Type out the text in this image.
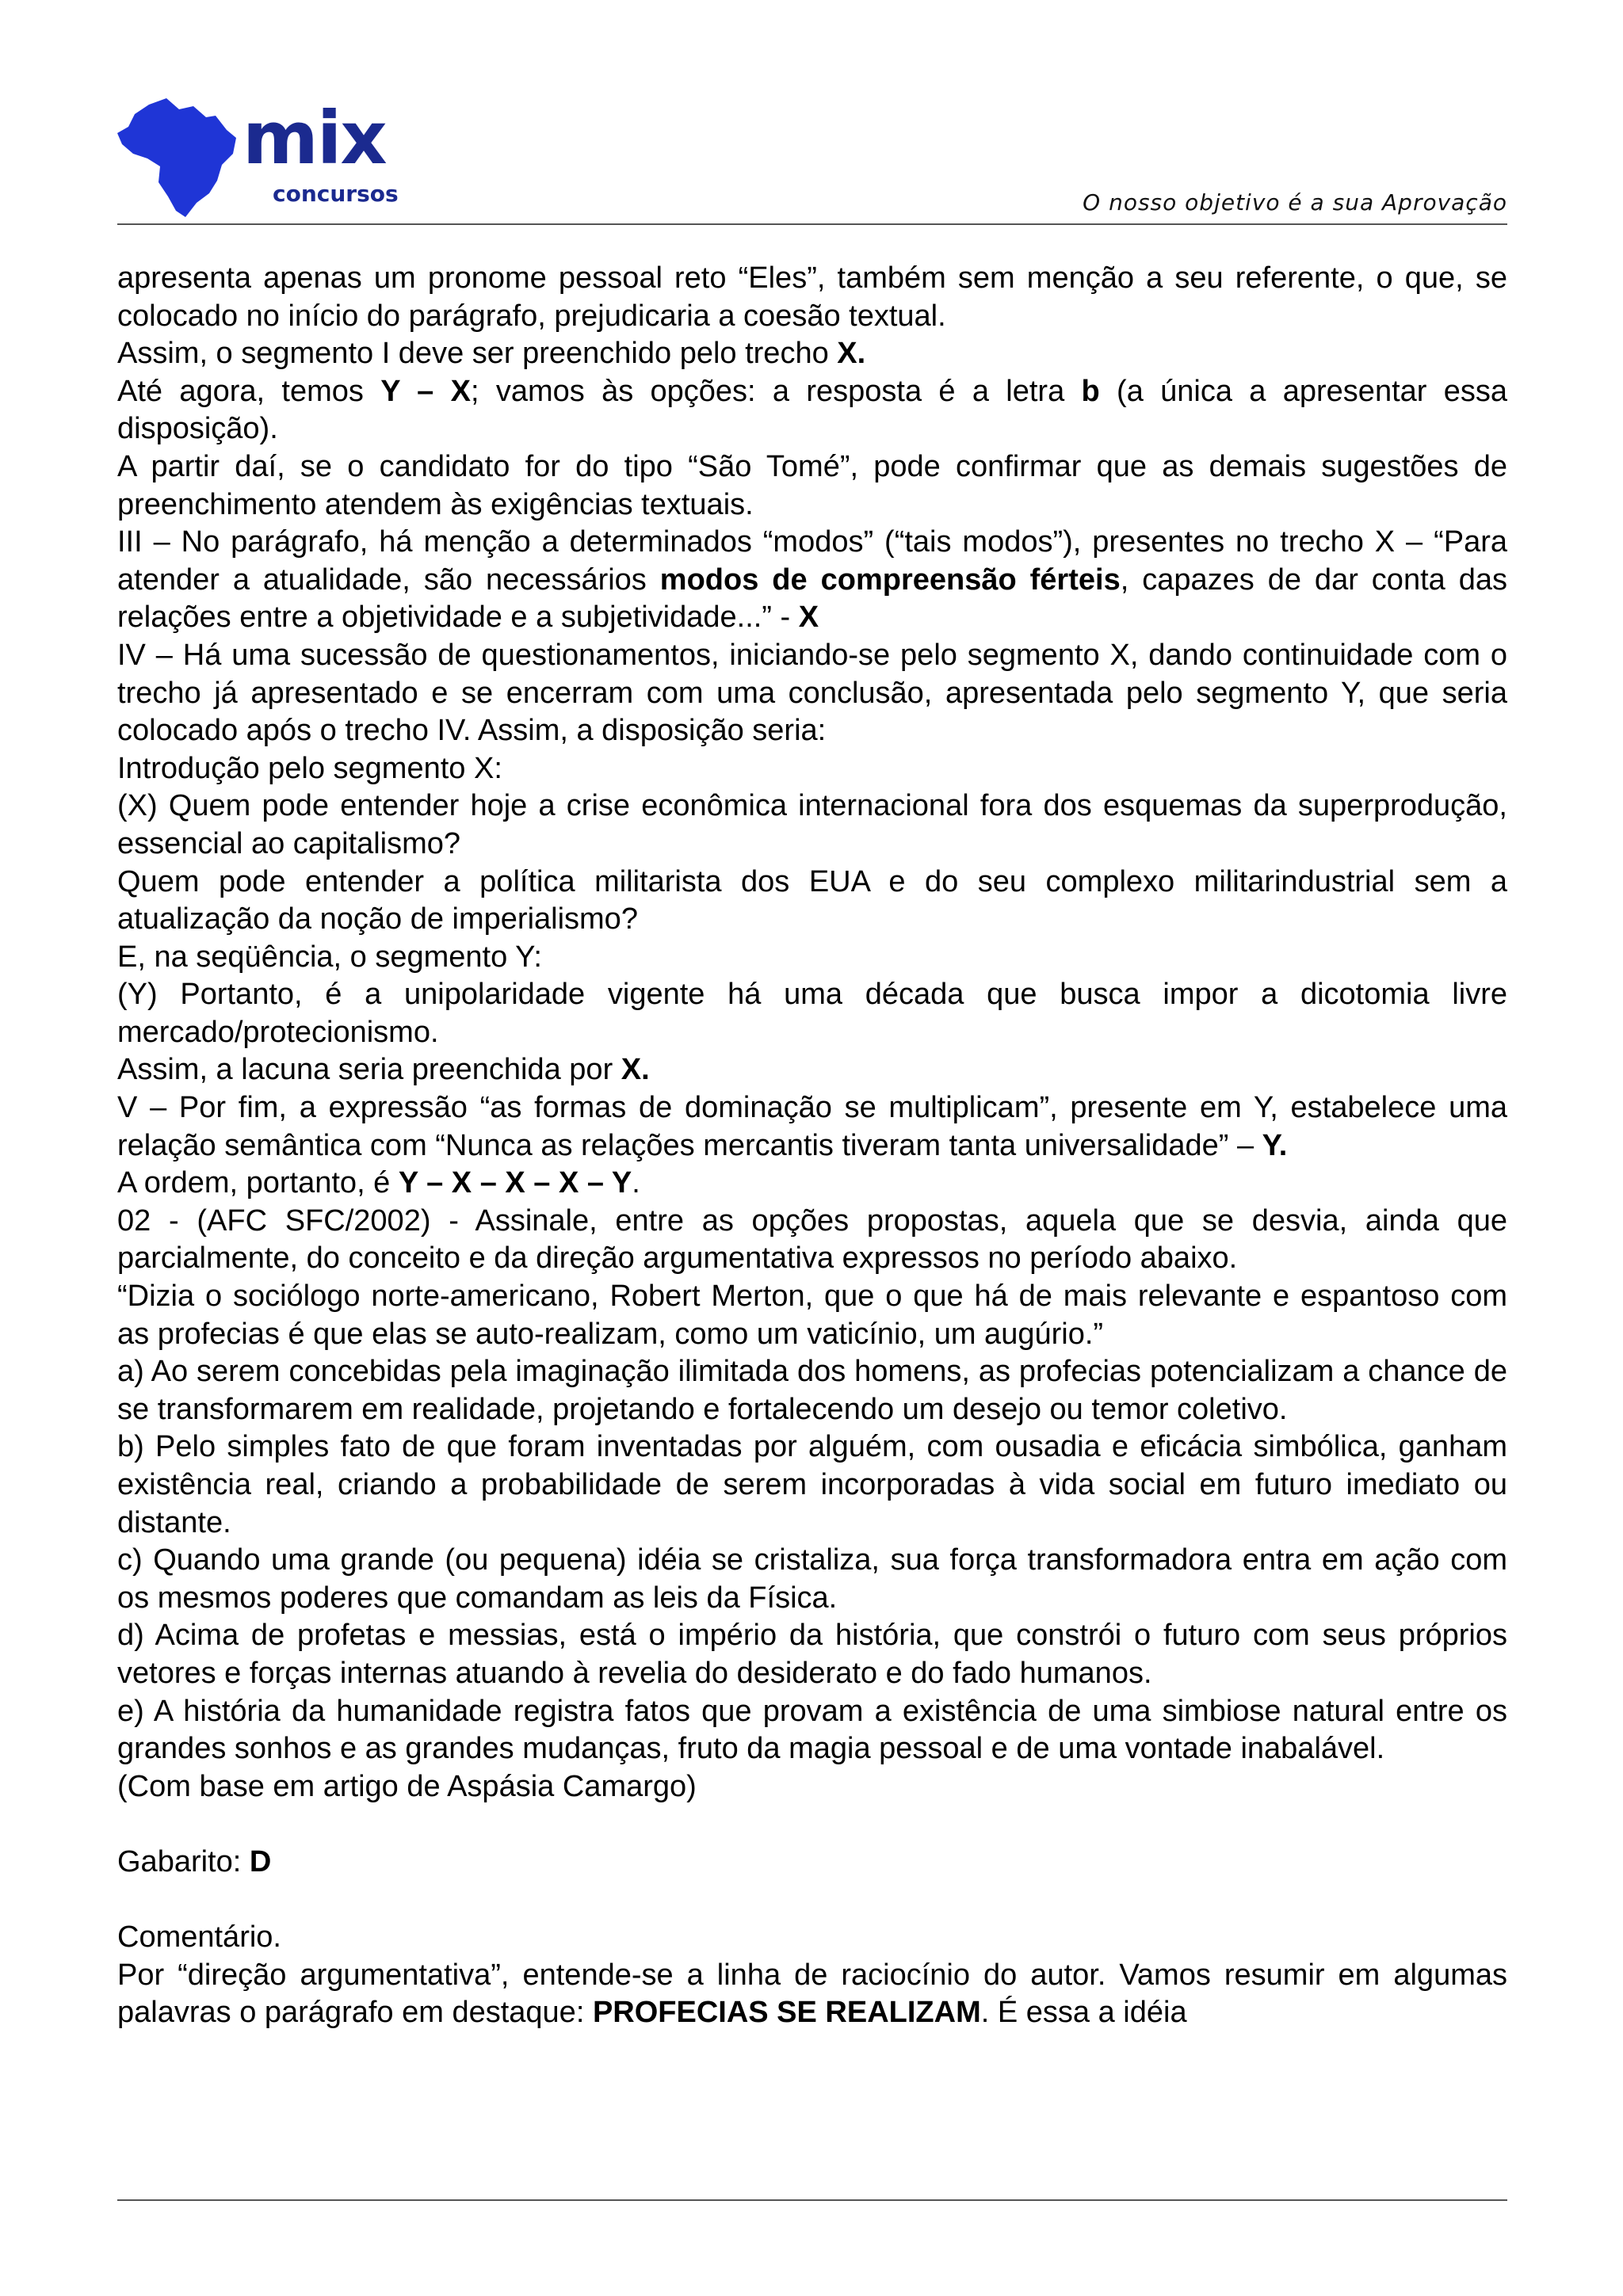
mix
concursos	O nosso objetivo é a sua Aprovação

apresenta apenas um pronome pessoal reto “Eles”, também sem menção a seu referente, o que, se colocado no início do parágrafo, prejudicaria a coesão textual.

Assim, o segmento I deve ser preenchido pelo trecho X.

Até agora, temos Y – X; vamos às opções: a resposta é a letra b (a única a apresentar essa disposição).

A partir daí, se o candidato for do tipo “São Tomé”, pode confirmar que as demais sugestões de preenchimento atendem às exigências textuais.

III – No parágrafo, há menção a determinados “modos” (“tais modos”), presentes no trecho X – “Para atender a atualidade, são necessários modos de compreensão férteis, capazes de dar conta das relações entre a objetividade e a subjetividade...” - X

IV – Há uma sucessão de questionamentos, iniciando-se pelo segmento X, dando continuidade com o trecho já apresentado e se encerram com uma conclusão, apresentada pelo segmento Y, que seria colocado após o trecho IV. Assim, a disposição seria:

Introdução pelo segmento X:

(X) Quem pode entender hoje a crise econômica internacional fora dos esquemas da superprodução, essencial ao capitalismo?

Quem pode entender a política militarista dos EUA e do seu complexo militarindustrial sem a atualização da noção de imperialismo?

E, na seqüência, o segmento Y:

(Y) Portanto, é a unipolaridade vigente há uma década que busca impor a dicotomia livre mercado/protecionismo.

Assim, a lacuna seria preenchida por X.

V – Por fim, a expressão “as formas de dominação se multiplicam”, presente em Y, estabelece uma relação semântica com “Nunca as relações mercantis tiveram tanta universalidade” – Y.

A ordem, portanto, é Y – X – X – X – Y.

02 - (AFC SFC/2002) - Assinale, entre as opções propostas, aquela que se desvia, ainda que parcialmente, do conceito e da direção argumentativa expressos no período abaixo.

“Dizia o sociólogo norte-americano, Robert Merton, que o que há de mais relevante e espantoso com as profecias é que elas se auto-realizam, como um vaticínio, um augúrio.”

a) Ao serem concebidas pela imaginação ilimitada dos homens, as profecias potencializam a chance de se transformarem em realidade, projetando e fortalecendo um desejo ou temor coletivo.

b) Pelo simples fato de que foram inventadas por alguém, com ousadia e eficácia simbólica, ganham existência real, criando a probabilidade de serem incorporadas à vida social em futuro imediato ou distante.

c) Quando uma grande (ou pequena) idéia se cristaliza, sua força transformadora entra em ação com os mesmos poderes que comandam as leis da Física.

d) Acima de profetas e messias, está o império da história, que constrói o futuro com seus próprios vetores e forças internas atuando à revelia do desiderato e do fado humanos.

e) A história da humanidade registra fatos que provam a existência de uma simbiose natural entre os grandes sonhos e as grandes mudanças, fruto da magia pessoal e de uma vontade inabalável.

(Com base em artigo de Aspásia Camargo)

Gabarito: D

Comentário.

Por “direção argumentativa”, entende-se a linha de raciocínio do autor. Vamos resumir em algumas palavras o parágrafo em destaque: PROFECIAS SE REALIZAM. É essa a idéia
